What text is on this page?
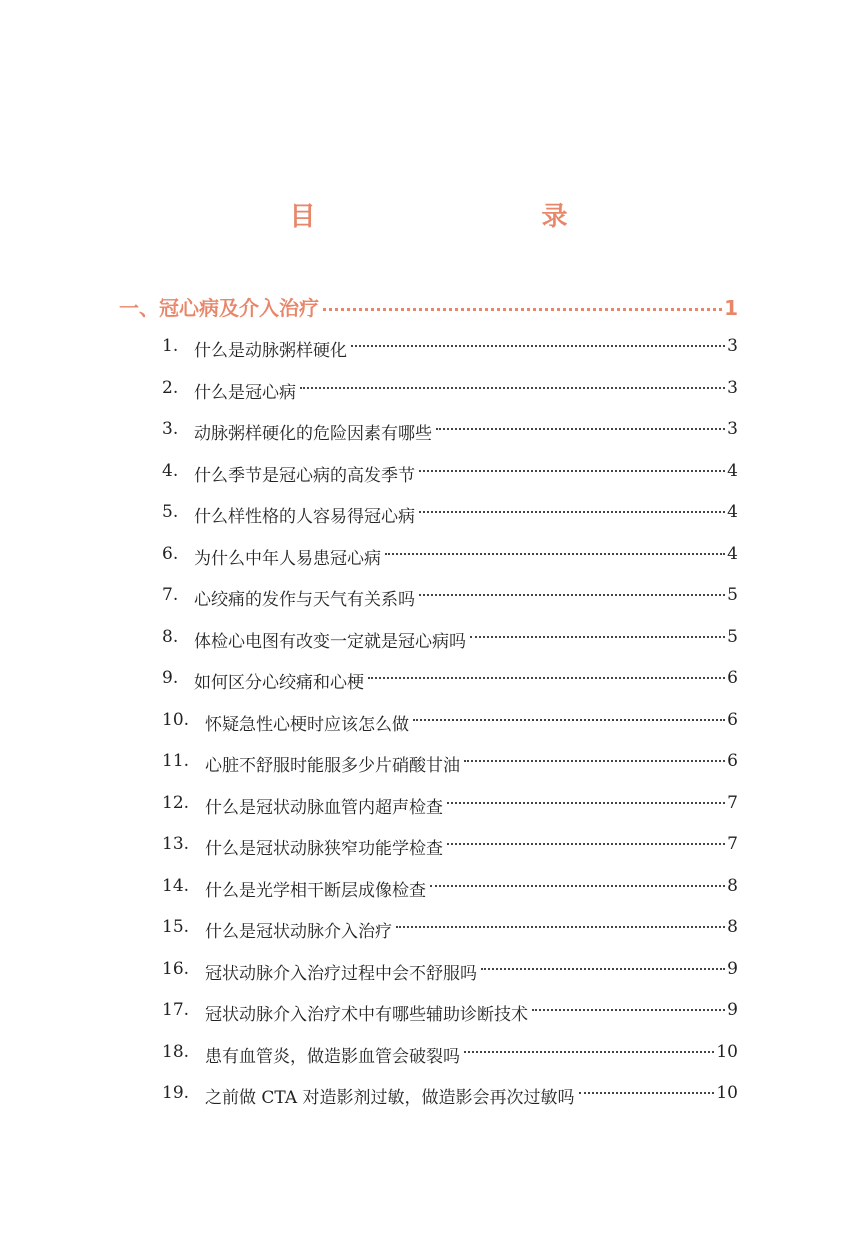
目　　录
一、冠心病及介入治疗	1
1. 什么是动脉粥样硬化	3
2. 什么是冠心病	3
3. 动脉粥样硬化的危险因素有哪些	3
4. 什么季节是冠心病的高发季节	4
5. 什么样性格的人容易得冠心病	4
6. 为什么中年人易患冠心病	4
7. 心绞痛的发作与天气有关系吗	5
8. 体检心电图有改变一定就是冠心病吗	5
9. 如何区分心绞痛和心梗	6
10. 怀疑急性心梗时应该怎么做	6
11. 心脏不舒服时能服多少片硝酸甘油	6
12. 什么是冠状动脉血管内超声检查	7
13. 什么是冠状动脉狭窄功能学检查	7
14. 什么是光学相干断层成像检查	8
15. 什么是冠状动脉介入治疗	8
16. 冠状动脉介入治疗过程中会不舒服吗	9
17. 冠状动脉介入治疗术中有哪些辅助诊断技术	9
18. 患有血管炎，做造影血管会破裂吗	10
19. 之前做 CTA 对造影剂过敏，做造影会再次过敏吗	10
